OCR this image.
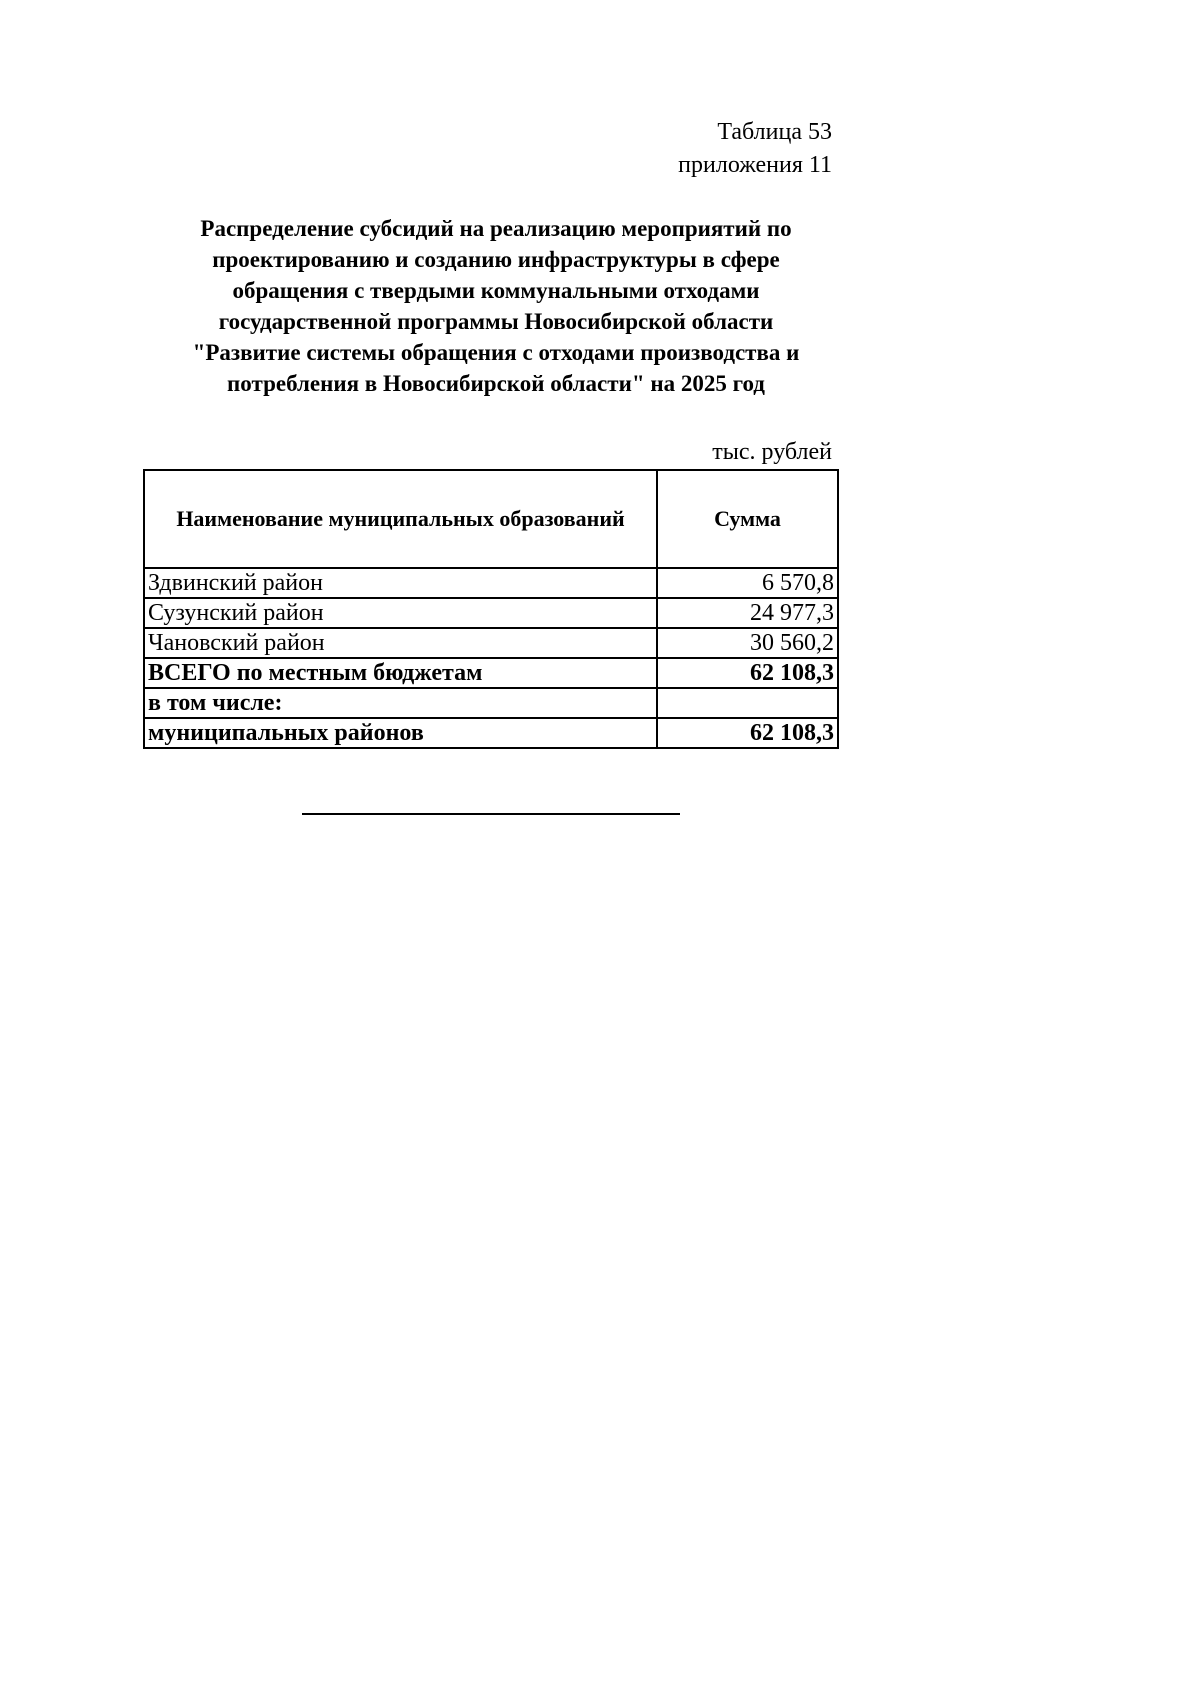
Таблица 53
приложения 11
Распределение субсидий на реализацию мероприятий по
проектированию и созданию инфраструктуры в сфере
обращения с твердыми коммунальными отходами
государственной программы Новосибирской области
"Развитие системы обращения с отходами производства и
потребления в Новосибирской области" на 2025 год
тыс. рублей
Наименование муниципальных образований	Сумма
Здвинский район	6 570,8
Сузунский район	24 977,3
Чановский район	30 560,2
ВСЕГО по местным бюджетам	62 108,3
в том числе:	
муниципальных районов	62 108,3
